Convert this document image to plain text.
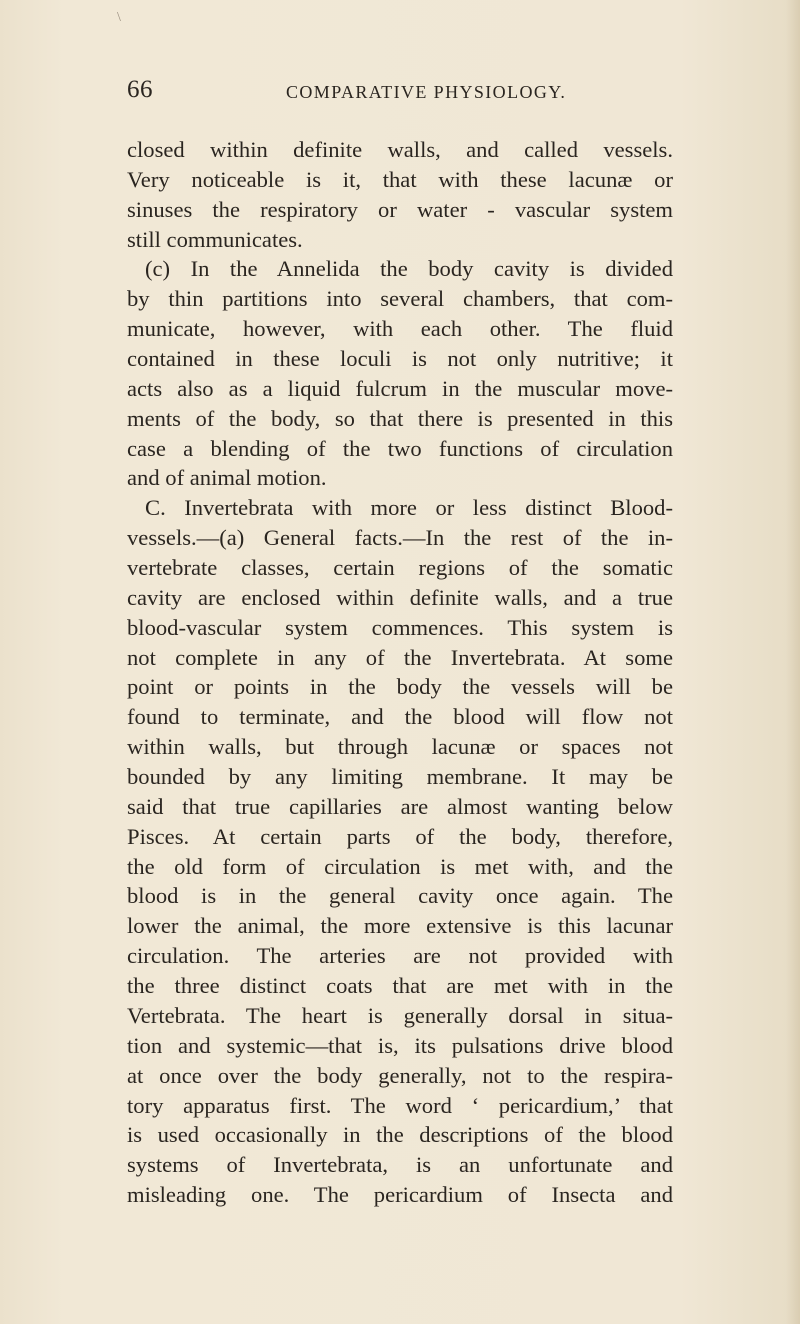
\
66	COMPARATIVE PHYSIOLOGY.
closed within definite walls, and called vessels.
Very noticeable is it, that with these lacunæ or
sinuses the respiratory or water - vascular system
still communicates.
(c) In the Annelida the body cavity is divided
by thin partitions into several chambers, that com-
municate, however, with each other. The fluid
contained in these loculi is not only nutritive; it
acts also as a liquid fulcrum in the muscular move-
ments of the body, so that there is presented in this
case a blending of the two functions of circulation
and of animal motion.
C. Invertebrata with more or less distinct Blood-
vessels.—(a) General facts.—In the rest of the in-
vertebrate classes, certain regions of the somatic
cavity are enclosed within definite walls, and a true
blood-vascular system commences. This system is
not complete in any of the Invertebrata. At some
point or points in the body the vessels will be
found to terminate, and the blood will flow not
within walls, but through lacunæ or spaces not
bounded by any limiting membrane. It may be
said that true capillaries are almost wanting below
Pisces. At certain parts of the body, therefore,
the old form of circulation is met with, and the
blood is in the general cavity once again. The
lower the animal, the more extensive is this lacunar
circulation. The arteries are not provided with
the three distinct coats that are met with in the
Vertebrata. The heart is generally dorsal in situa-
tion and systemic—that is, its pulsations drive blood
at once over the body generally, not to the respira-
tory apparatus first. The word ‘ pericardium,’ that
is used occasionally in the descriptions of the blood
systems of Invertebrata, is an unfortunate and
misleading one. The pericardium of Insecta and
